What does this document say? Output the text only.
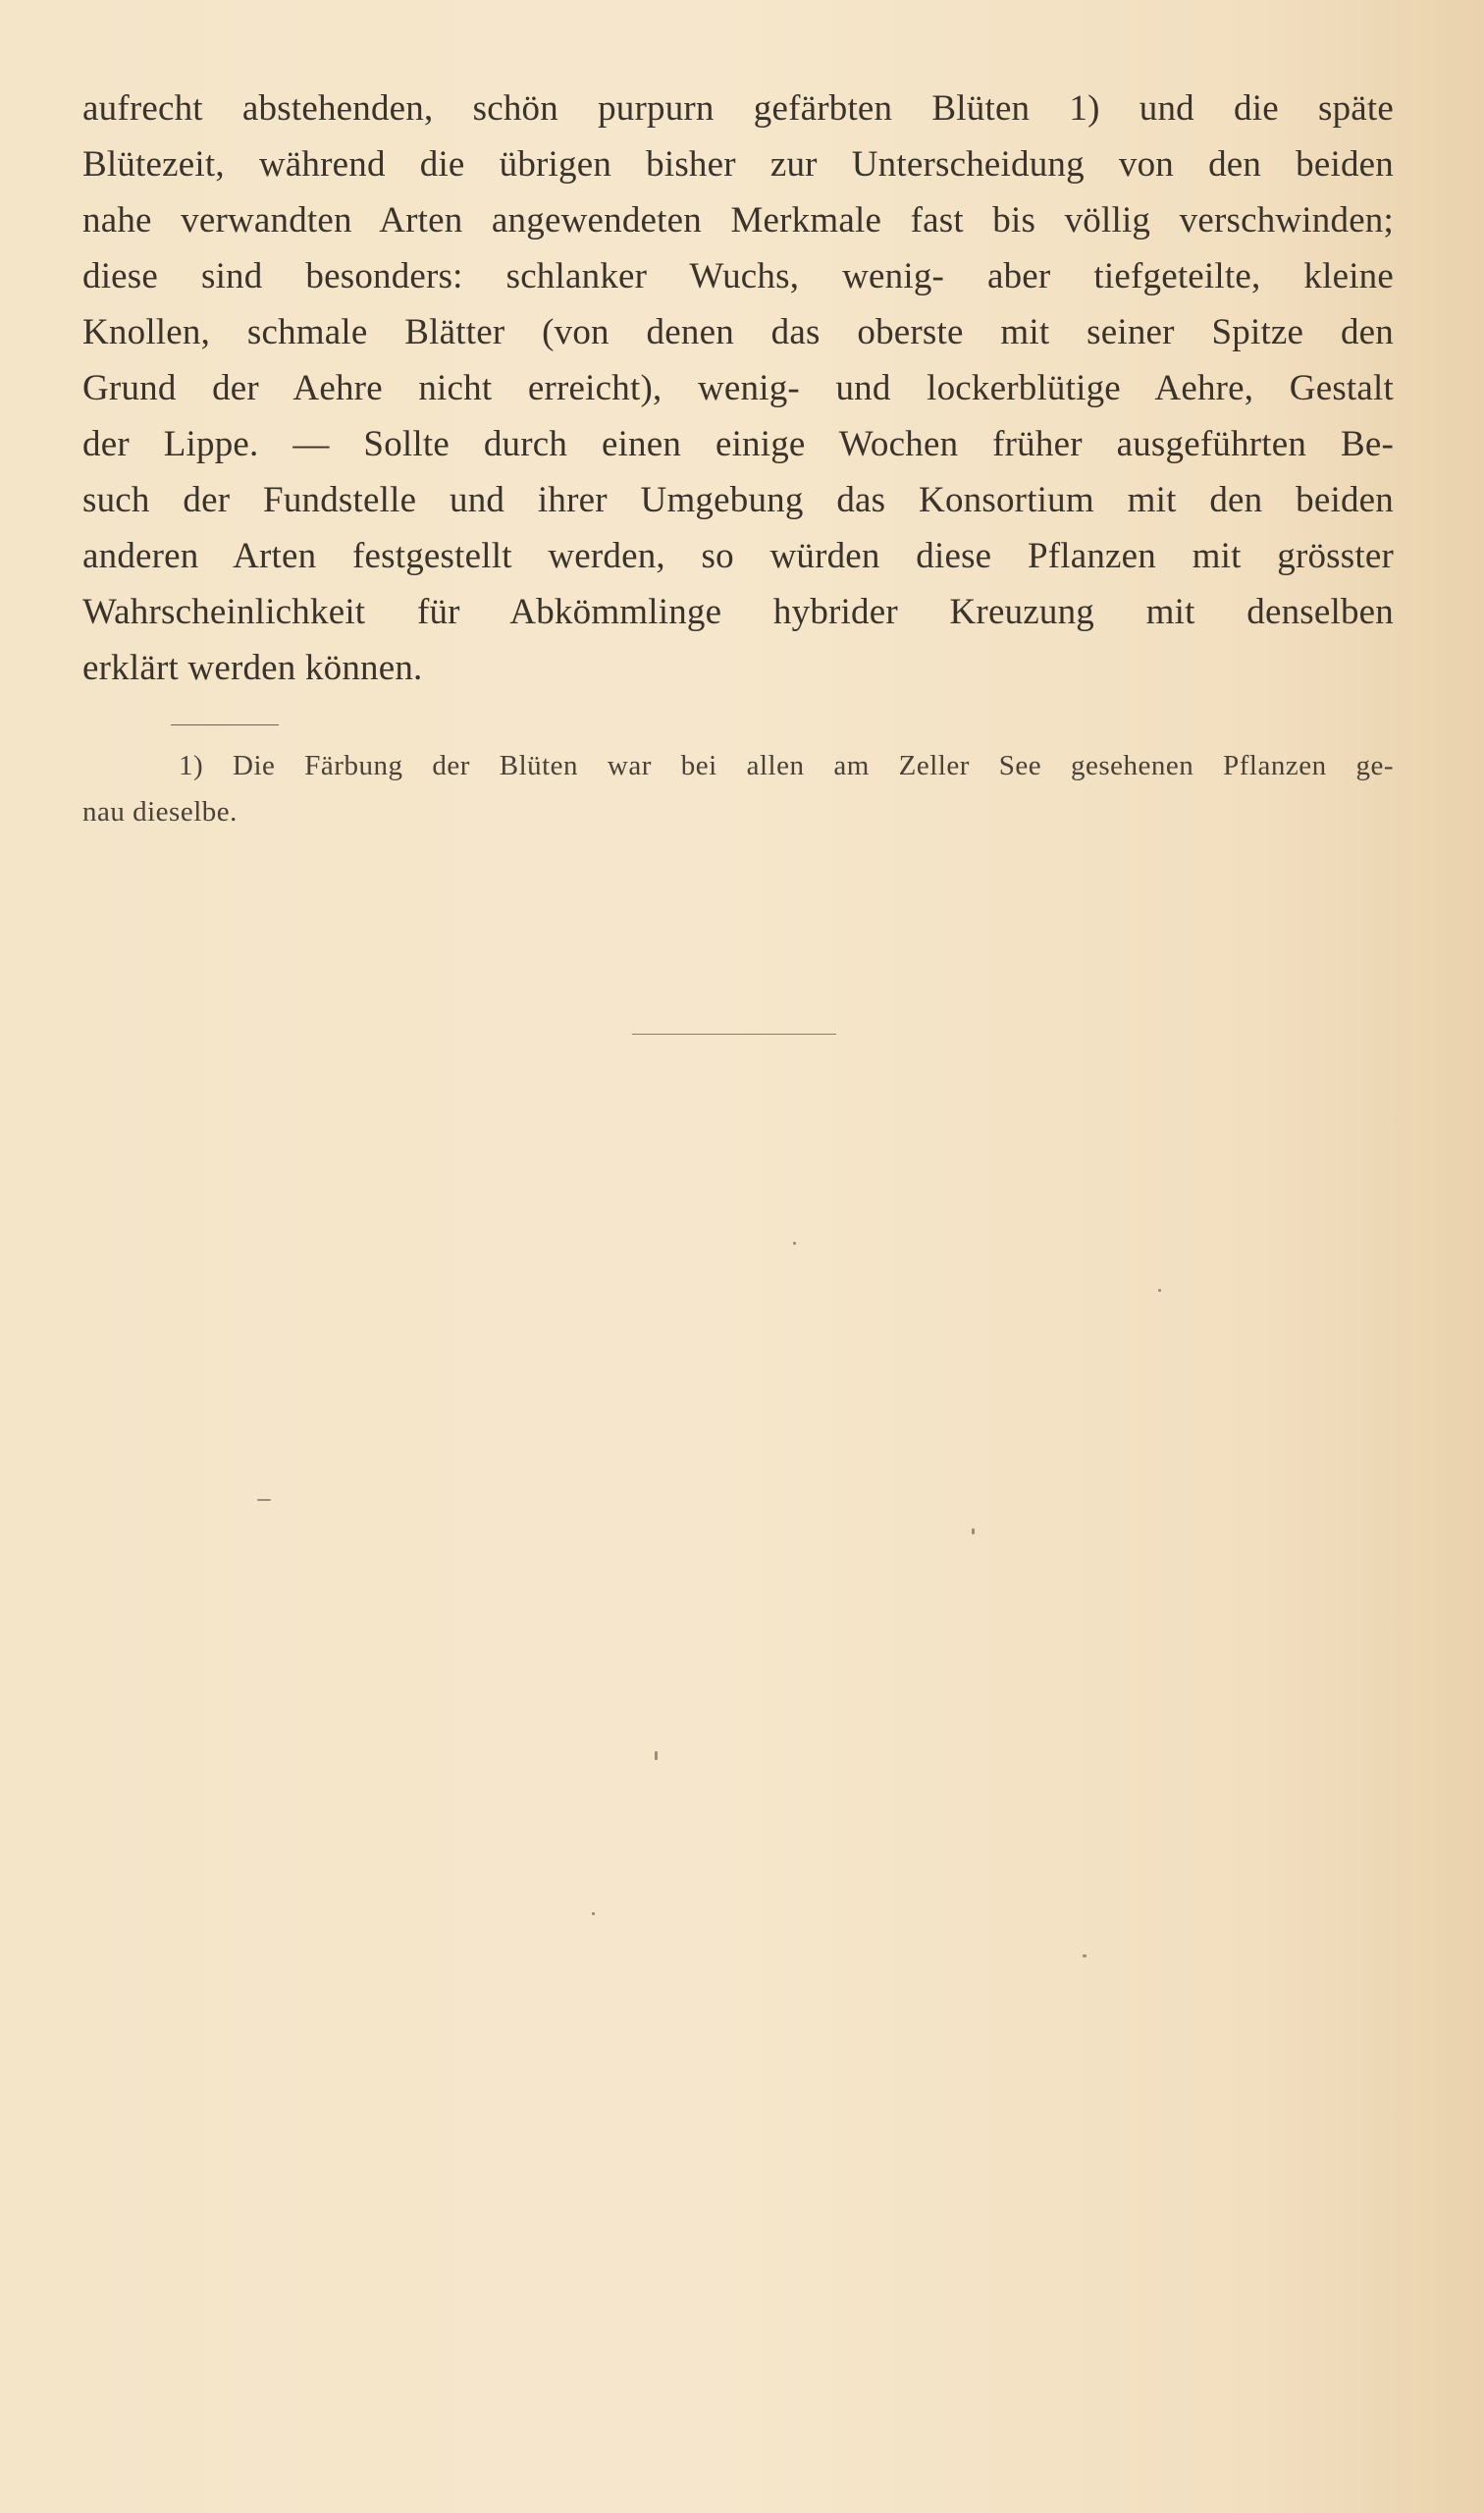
aufrecht abstehenden, schön purpurn gefärbten Blüten 1) und die späte
Blütezeit, während die übrigen bisher zur Unterscheidung von den beiden
nahe verwandten Arten angewendeten Merkmale fast bis völlig verschwinden;
diese sind besonders: schlanker Wuchs, wenig- aber tiefgeteilte, kleine
Knollen, schmale Blätter (von denen das oberste mit seiner Spitze den
Grund der Aehre nicht erreicht), wenig- und lockerblütige Aehre, Gestalt
der Lippe. — Sollte durch einen einige Wochen früher ausgeführten Be-
such der Fundstelle und ihrer Umgebung das Konsortium mit den beiden
anderen Arten festgestellt werden, so würden diese Pflanzen mit grösster
Wahrscheinlichkeit für Abkömmlinge hybrider Kreuzung mit denselben
erklärt werden können.
1) Die Färbung der Blüten war bei allen am Zeller See gesehenen Pflanzen ge-
nau dieselbe.
